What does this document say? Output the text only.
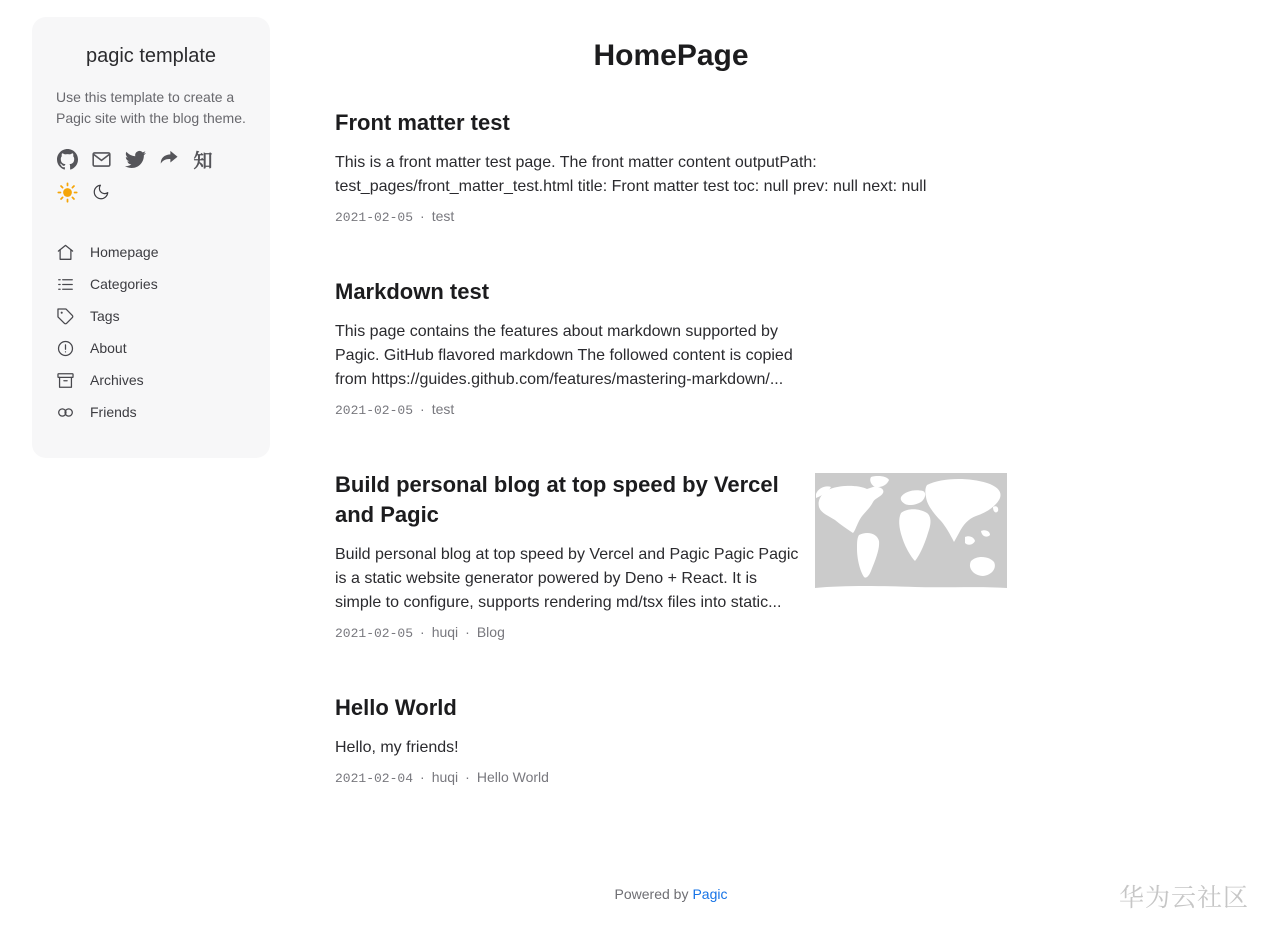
pagic template

Use this template to create a Pagic site with the blog theme.

知
Homepage
Categories
Tags
About
Archives
Friends
HomePage
Front matter test

This is a front matter test page. The front matter content outputPath: test_pages/front_matter_test.html title: Front matter test toc: null prev: null next: null

2021-02-05 · test
Markdown test

This page contains the features about markdown supported by Pagic. GitHub flavored markdown The followed content is copied from https://guides.github.com/features/mastering-markdown/...

2021-02-05 · test
Build personal blog at top speed by Vercel and Pagic

Build personal blog at top speed by Vercel and Pagic Pagic Pagic is a static website generator powered by Deno + React. It is simple to configure, supports rendering md/tsx files into static...

2021-02-05 · huqi · Blog
Hello World

Hello, my friends!

2021-02-04 · huqi · Hello World
Powered by Pagic	华为云社区
